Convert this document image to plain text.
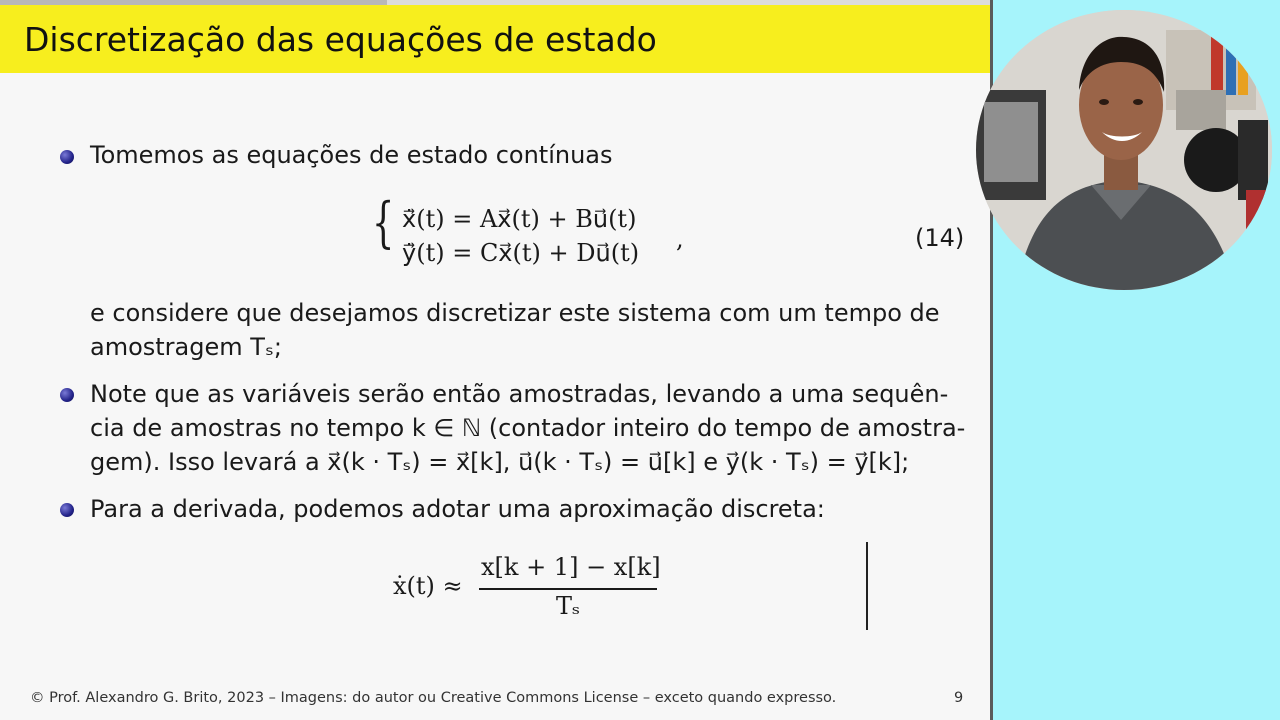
Discretização das equações de estado
Tomemos as equações de estado contínuas
{ x⃗̇(t) = Ax⃗(t) + Bu⃗(t)
y⃗̇(t) = Cx⃗(t) + Du⃗(t) ,	(14)
e considere que desejamos discretizar este sistema com um tempo de
amostragem Tₛ;
Note que as variáveis serão então amostradas, levando a uma sequên-
cia de amostras no tempo k ∈ ℕ (contador inteiro do tempo de amostra-
gem). Isso levará a x⃗(k · Tₛ) = x⃗[k], u⃗(k · Tₛ) = u⃗[k] e y⃗(k · Tₛ) = y⃗[k];
Para a derivada, podemos adotar uma aproximação discreta:
ẋ(t) ≈
x[k + 1] − x[k]
Tₛ
© Prof. Alexandro G. Brito, 2023 – Imagens: do autor ou Creative Commons License – exceto quando expresso.	9
